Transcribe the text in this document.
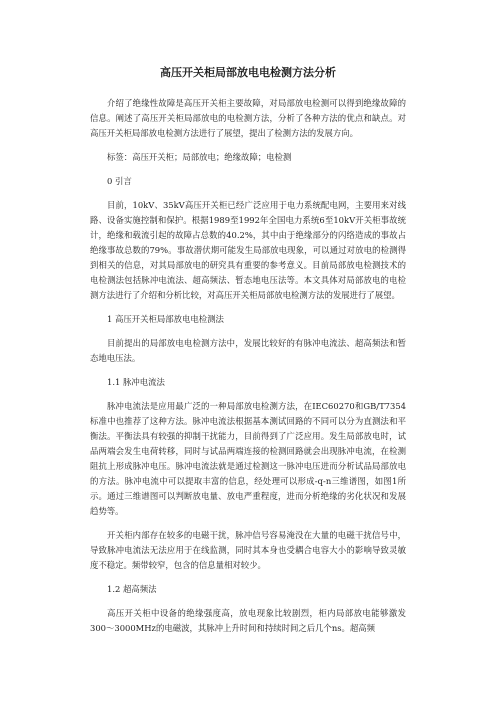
高压开关柜局部放电电检测方法分析

介绍了绝缘性故障是高压开关柜主要故障，对局部放电检测可以得到绝缘故障的信息。阐述了高压开关柜局部放电的电检测方法，分析了各种方法的优点和缺点。对高压开关柜局部放电检测方法进行了展望，提出了检测方法的发展方向。

标签：高压开关柜；局部放电；绝缘故障；电检测

0 引言

目前，10kV、35kV高压开关柜已经广泛应用于电力系统配电网，主要用来对线路、设备实施控制和保护。根据1989至1992年全国电力系统6至10kV开关柜事故统计，绝缘和载流引起的故障占总数的40.2%，其中由于绝缘部分的闪络造成的事故占绝缘事故总数的79%。事故潜伏期可能发生局部放电现象，可以通过对放电的检测得到相关的信息，对其局部放电的研究具有重要的参考意义。目前局部放电检测技术的电检测法包括脉冲电流法、超高频法、暂态地电压法等。本文具体对局部放电的电检测方法进行了介绍和分析比较，对高压开关柜局部放电检测方法的发展进行了展望。

1 高压开关柜局部放电电检测法

目前提出的局部放电电检测方法中，发展比较好的有脉冲电流法、超高频法和暂态地电压法。

1.1 脉冲电流法

脉冲电流法是应用最广泛的一种局部放电检测方法，在IEC60270和GB/T7354标准中也推荐了这种方法。脉冲电流法根据基本测试回路的不同可以分为直测法和平衡法。平衡法具有较强的抑制干扰能力，目前得到了广泛应用。发生局部放电时，试品两端会发生电荷转移，同时与试品两端连接的检测回路就会出现脉冲电流，在检测阻抗上形成脉冲电压。脉冲电流法就是通过检测这一脉冲电压进而分析试品局部放电的方法。脉冲电流中可以提取丰富的信息，经处理可以形成-q-n三维谱图，如图1所示。通过三维谱图可以判断放电量、放电严重程度，进而分析绝缘的劣化状况和发展趋势等。

开关柜内部存在较多的电磁干扰，脉冲信号容易淹没在大量的电磁干扰信号中，导致脉冲电流法无法应用于在线监测，同时其本身也受耦合电容大小的影响导致灵敏度不稳定。频带较窄，包含的信息量相对较少。

1.2 超高频法

高压开关柜中设备的绝缘强度高，放电现象比较剧烈，柜内局部放电能够激发300～3000MHz的电磁波，其脉冲上升时间和持续时间之后几个ns。超高频
